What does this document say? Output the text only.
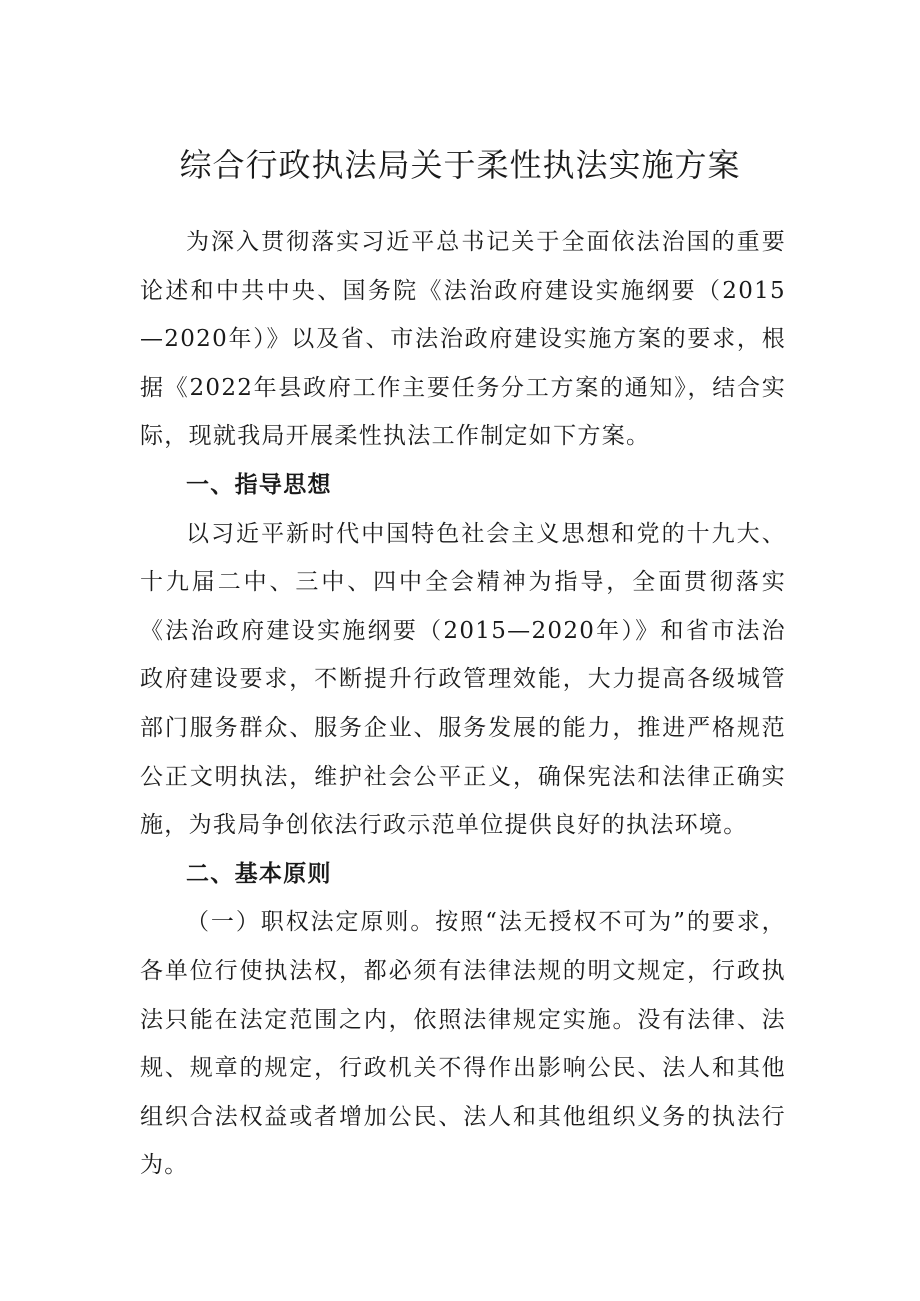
综合行政执法局关于柔性执法实施方案

为深入贯彻落实习近平总书记关于全面依法治国的重要论述和中共中央、国务院《法治政府建设实施纲要（2015—2020年）》以及省、市法治政府建设实施方案的要求，根据《2022年县政府工作主要任务分工方案的通知》，结合实际，现就我局开展柔性执法工作制定如下方案。

一、指导思想

以习近平新时代中国特色社会主义思想和党的十九大、十九届二中、三中、四中全会精神为指导，全面贯彻落实《法治政府建设实施纲要（2015—2020年）》和省市法治政府建设要求，不断提升行政管理效能，大力提高各级城管部门服务群众、服务企业、服务发展的能力，推进严格规范公正文明执法，维护社会公平正义，确保宪法和法律正确实施，为我局争创依法行政示范单位提供良好的执法环境。

二、基本原则

（一）职权法定原则。按照“法无授权不可为”的要求，各单位行使执法权，都必须有法律法规的明文规定，行政执法只能在法定范围之内，依照法律规定实施。没有法律、法规、规章的规定，行政机关不得作出影响公民、法人和其他组织合法权益或者增加公民、法人和其他组织义务的执法行为。
